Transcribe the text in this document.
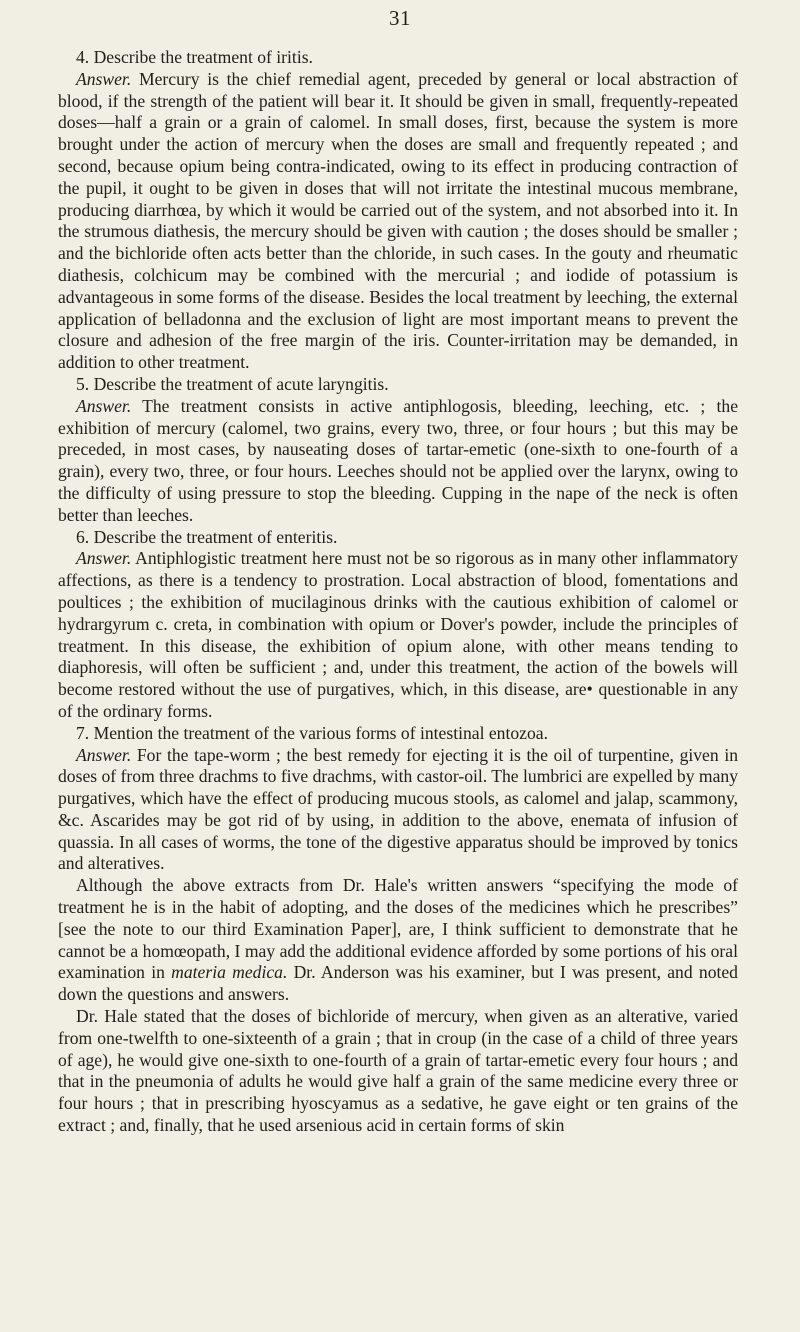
31

4. Describe the treatment of iritis.

Answer. Mercury is the chief remedial agent, preceded by general or local abstraction of blood, if the strength of the patient will bear it. It should be given in small, frequently-repeated doses—half a grain or a grain of calomel. In small doses, first, because the system is more brought under the action of mercury when the doses are small and frequently repeated ; and second, because opium being contra-indicated, owing to its effect in producing contraction of the pupil, it ought to be given in doses that will not irritate the intestinal mucous membrane, producing diarrhœa, by which it would be carried out of the system, and not absorbed into it. In the strumous diathesis, the mercury should be given with caution ; the doses should be smaller ; and the bichloride often acts better than the chloride, in such cases. In the gouty and rheumatic diathesis, colchicum may be combined with the mercurial ; and iodide of potassium is advantageous in some forms of the disease. Besides the local treatment by leeching, the external application of belladonna and the exclusion of light are most important means to prevent the closure and adhesion of the free margin of the iris. Counter-irritation may be demanded, in addition to other treatment.

5. Describe the treatment of acute laryngitis.

Answer. The treatment consists in active antiphlogosis, bleeding, leeching, etc. ; the exhibition of mercury (calomel, two grains, every two, three, or four hours ; but this may be preceded, in most cases, by nauseating doses of tartar-emetic (one-sixth to one-fourth of a grain), every two, three, or four hours. Leeches should not be applied over the larynx, owing to the difficulty of using pressure to stop the bleeding. Cupping in the nape of the neck is often better than leeches.

6. Describe the treatment of enteritis.

Answer. Antiphlogistic treatment here must not be so rigorous as in many other inflammatory affections, as there is a tendency to prostration. Local abstraction of blood, fomentations and poultices ; the exhibition of mucilaginous drinks with the cautious exhibition of calomel or hydrargyrum c. creta, in combination with opium or Dover's powder, include the principles of treatment. In this disease, the exhibition of opium alone, with other means tending to diaphoresis, will often be sufficient ; and, under this treatment, the action of the bowels will become restored without the use of purgatives, which, in this disease, are• questionable in any of the ordinary forms.

7. Mention the treatment of the various forms of intestinal entozoa.

Answer. For the tape-worm ; the best remedy for ejecting it is the oil of turpentine, given in doses of from three drachms to five drachms, with castor-oil. The lumbrici are expelled by many purgatives, which have the effect of producing mucous stools, as calomel and jalap, scammony, &c. Ascarides may be got rid of by using, in addition to the above, enemata of infusion of quassia. In all cases of worms, the tone of the digestive apparatus should be improved by tonics and alteratives.

Although the above extracts from Dr. Hale's written answers “specifying the mode of treatment he is in the habit of adopting, and the doses of the medicines which he prescribes” [see the note to our third Examination Paper], are, I think sufficient to demonstrate that he cannot be a homœopath, I may add the additional evidence afforded by some portions of his oral examination in materia medica. Dr. Anderson was his examiner, but I was present, and noted down the questions and answers.

Dr. Hale stated that the doses of bichloride of mercury, when given as an alterative, varied from one-twelfth to one-sixteenth of a grain ; that in croup (in the case of a child of three years of age), he would give one-sixth to one-fourth of a grain of tartar-emetic every four hours ; and that in the pneumonia of adults he would give half a grain of the same medicine every three or four hours ; that in prescribing hyoscyamus as a sedative, he gave eight or ten grains of the extract ; and, finally, that he used arsenious acid in certain forms of skin
